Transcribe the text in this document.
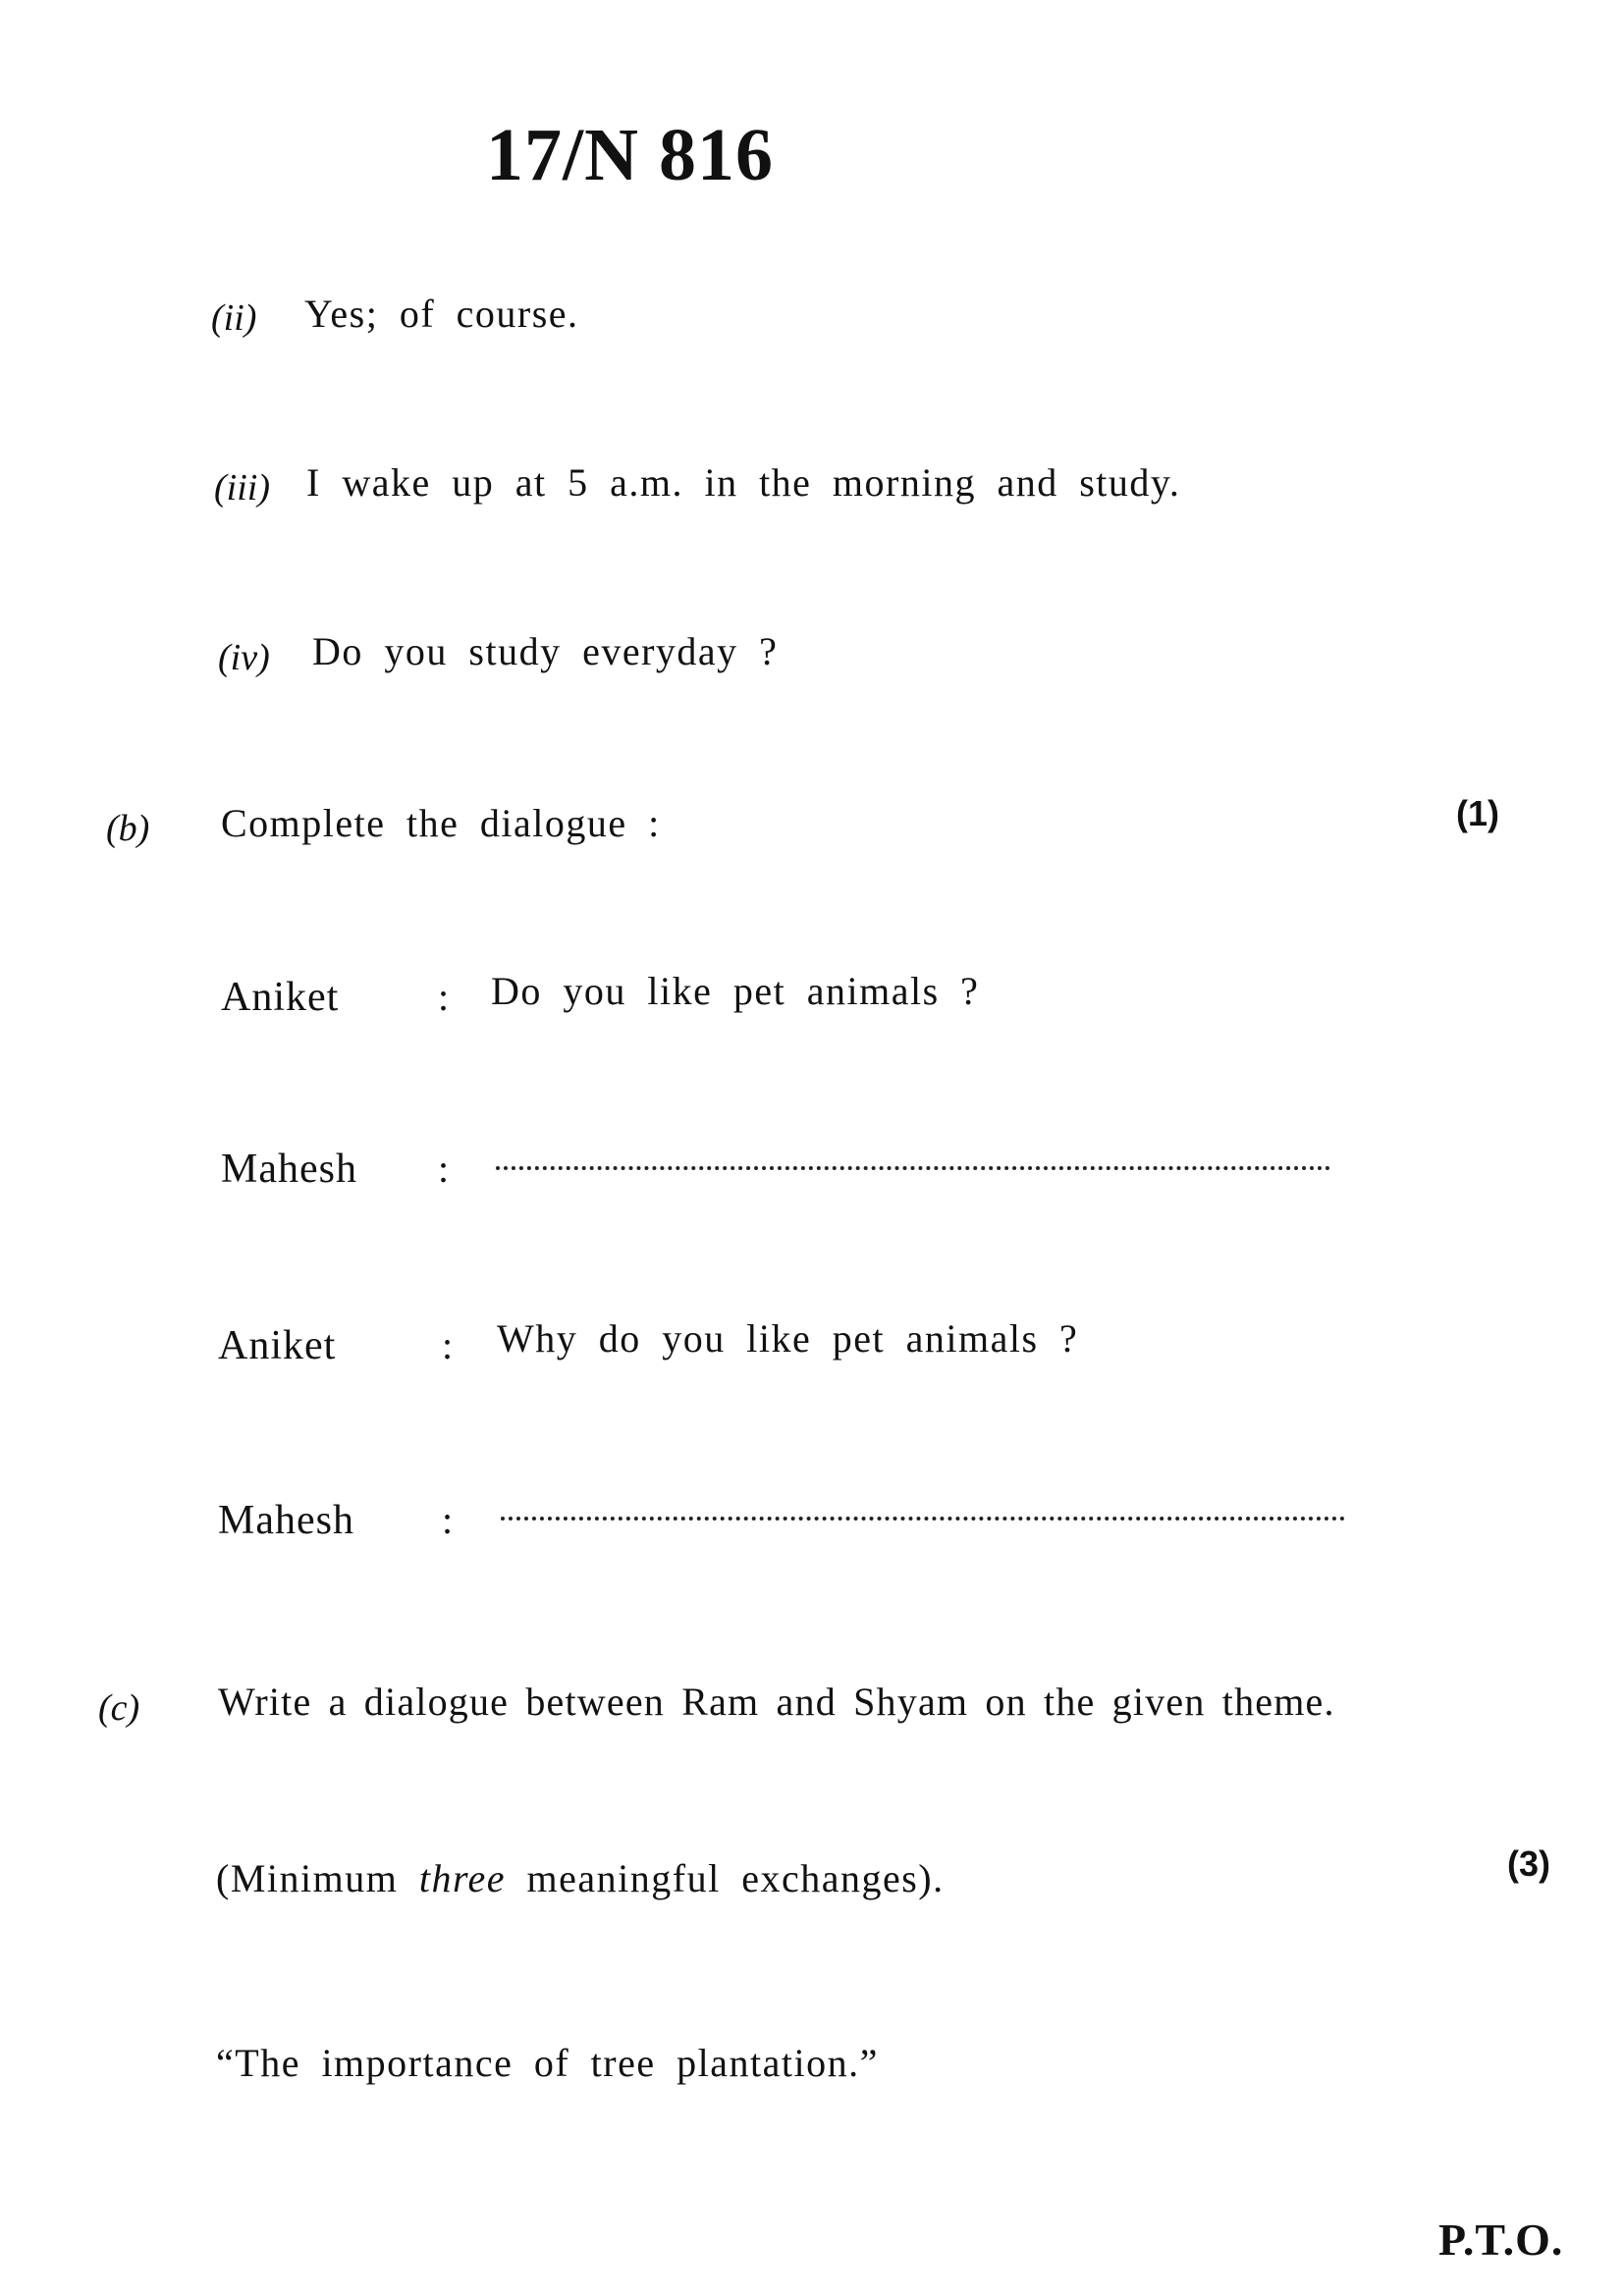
17/N 816
(ii) Yes; of course.
(iii) I wake up at 5 a.m. in the morning and study.
(iv) Do you study everyday ?
(b) Complete the dialogue :	(1)
Aniket	: Do you like pet animals ?
Mahesh :
Aniket	: Why do you like pet animals ?
Mahesh :
(c) Write a dialogue between Ram and Shyam on the given theme.
(Minimum three meaningful exchanges).	(3)
“The importance of tree plantation.”
P.T.O.
